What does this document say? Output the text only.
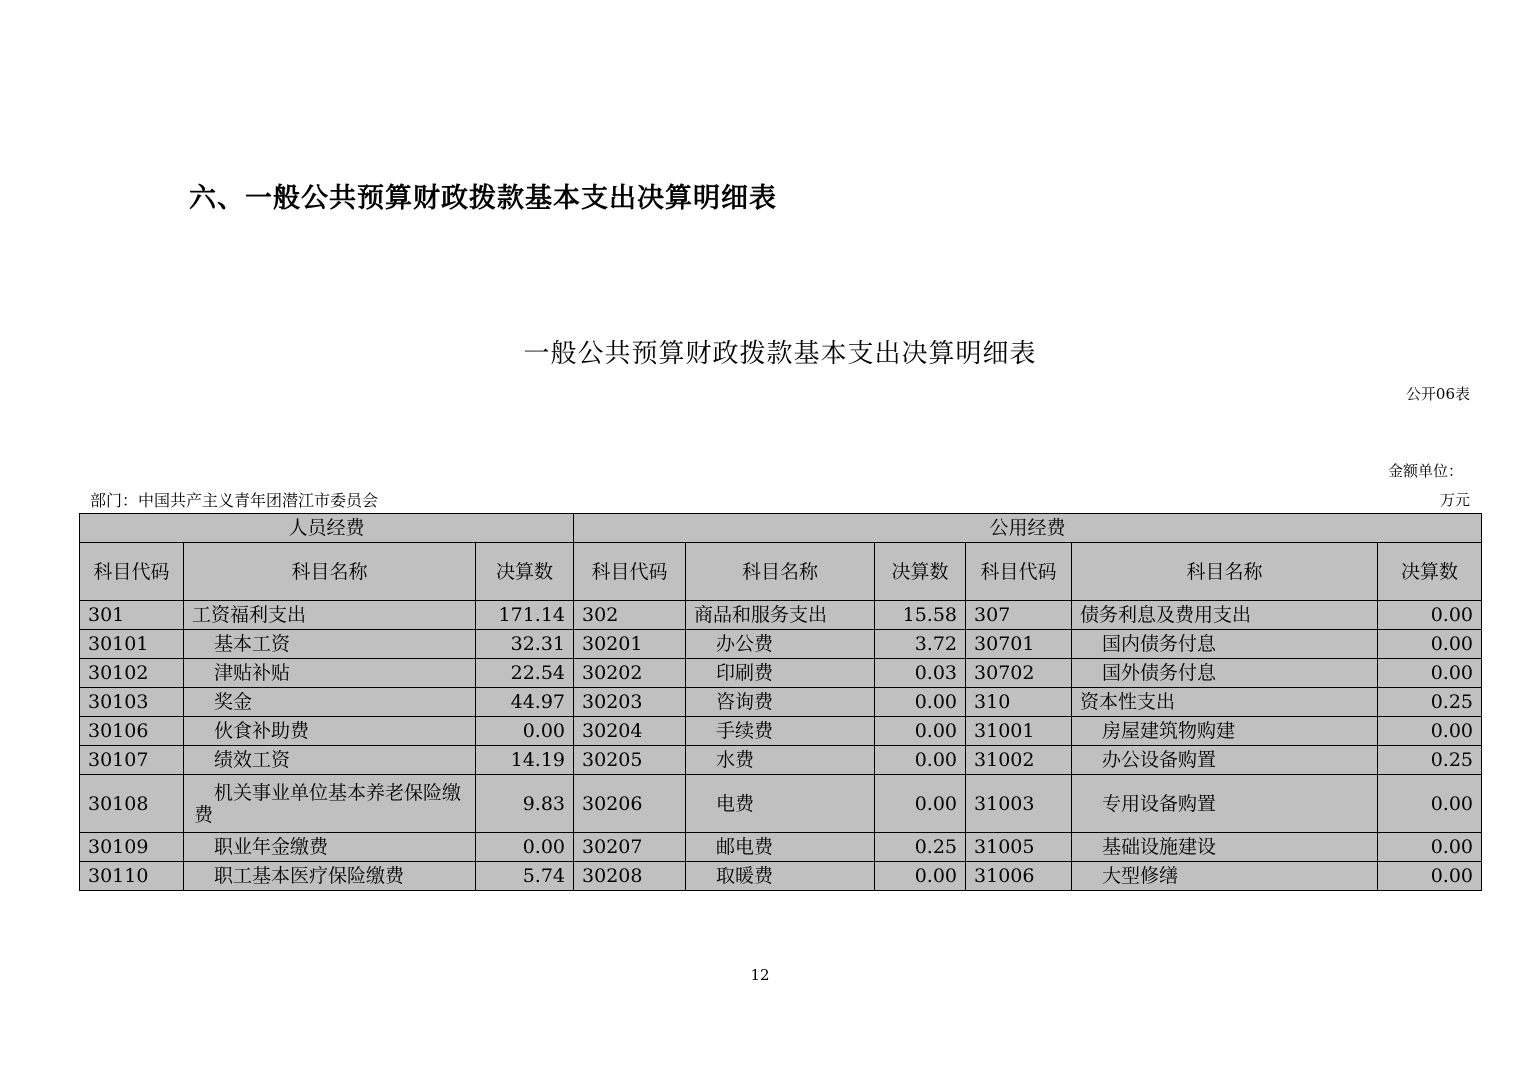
六、一般公共预算财政拨款基本支出决算明细表
一般公共预算财政拨款基本支出决算明细表
公开06表
金额单位：
部门：中国共产主义青年团潜江市委员会	万元
人员经费			公用经费					
科目代码	科目名称	决算数	科目代码	科目名称	决算数	科目代码	科目名称	决算数
301	工资福利支出	171.14	302	商品和服务支出	15.58	307	债务利息及费用支出	0.00
30101	基本工资	32.31	30201	办公费	3.72	30701	国内债务付息	0.00
30102	津贴补贴	22.54	30202	印刷费	0.03	30702	国外债务付息	0.00
30103	奖金	44.97	30203	咨询费	0.00	310	资本性支出	0.25
30106	伙食补助费	0.00	30204	手续费	0.00	31001	房屋建筑物购建	0.00
30107	绩效工资	14.19	30205	水费	0.00	31002	办公设备购置	0.25
30108	机关事业单位基本养老保险缴费	9.83	30206	电费	0.00	31003	专用设备购置	0.00
30109	职业年金缴费	0.00	30207	邮电费	0.25	31005	基础设施建设	0.00
30110	职工基本医疗保险缴费	5.74	30208	取暖费	0.00	31006	大型修缮	0.00
12
